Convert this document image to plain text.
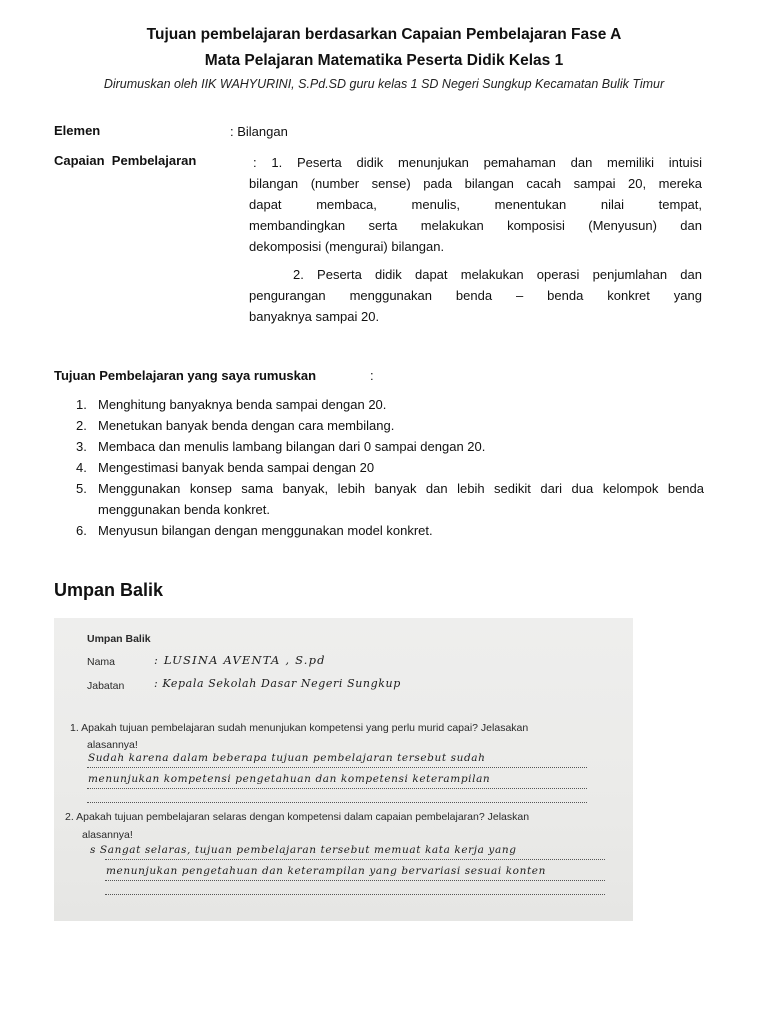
Tujuan pembelajaran berdasarkan Capaian Pembelajaran Fase A
Mata Pelajaran Matematika Peserta Didik Kelas 1
Dirumuskan oleh IIK WAHYURINI, S.Pd.SD guru kelas 1 SD Negeri Sungkup Kecamatan Bulik Timur
Elemen	: Bilangan
Capaian  Pembelajaran	: 1. Peserta didik menunjukan pemahaman dan memiliki intuisi
bilangan (number sense) pada bilangan cacah sampai 20, mereka
dapat membaca, menulis, menentukan nilai tempat,
membandingkan serta melakukan komposisi (Menyusun) dan
dekomposisi (mengurai) bilangan.
2. Peserta didik dapat melakukan operasi penjumlahan dan
pengurangan menggunakan benda – benda konkret yang
banyaknya sampai 20.
Tujuan Pembelajaran yang saya rumuskan	:
1. Menghitung banyaknya benda sampai dengan 20.
2. Menetukan banyak benda dengan cara membilang.
3. Membaca dan menulis lambang bilangan dari 0 sampai dengan 20.
4. Mengestimasi banyak benda sampai dengan 20
5. Menggunakan konsep sama banyak, lebih banyak dan lebih sedikit dari dua kelompok benda menggunakan benda konkret.
6. Menyusun bilangan dengan menggunakan model konkret.
Umpan Balik
Umpan Balik
Nama	: LUSINA AVENTA , S.pd
Jabatan	: Kepala Sekolah Dasar Negeri Sungkup
1. Apakah tujuan pembelajaran sudah menunjukan kompetensi yang perlu murid capai? Jelasakan
alasannya!
Sudah karena dalam beberapa tujuan pembelajaran tersebut sudah
menunjukan kompetensi pengetahuan dan kompetensi keterampilan
2. Apakah tujuan pembelajaran selaras dengan kompetensi dalam capaian pembelajaran? Jelaskan
alasannya!
s Sangat selaras, tujuan pembelajaran tersebut memuat kata kerja yang
menunjukan pengetahuan dan keterampilan yang bervariasi sesuai konten
